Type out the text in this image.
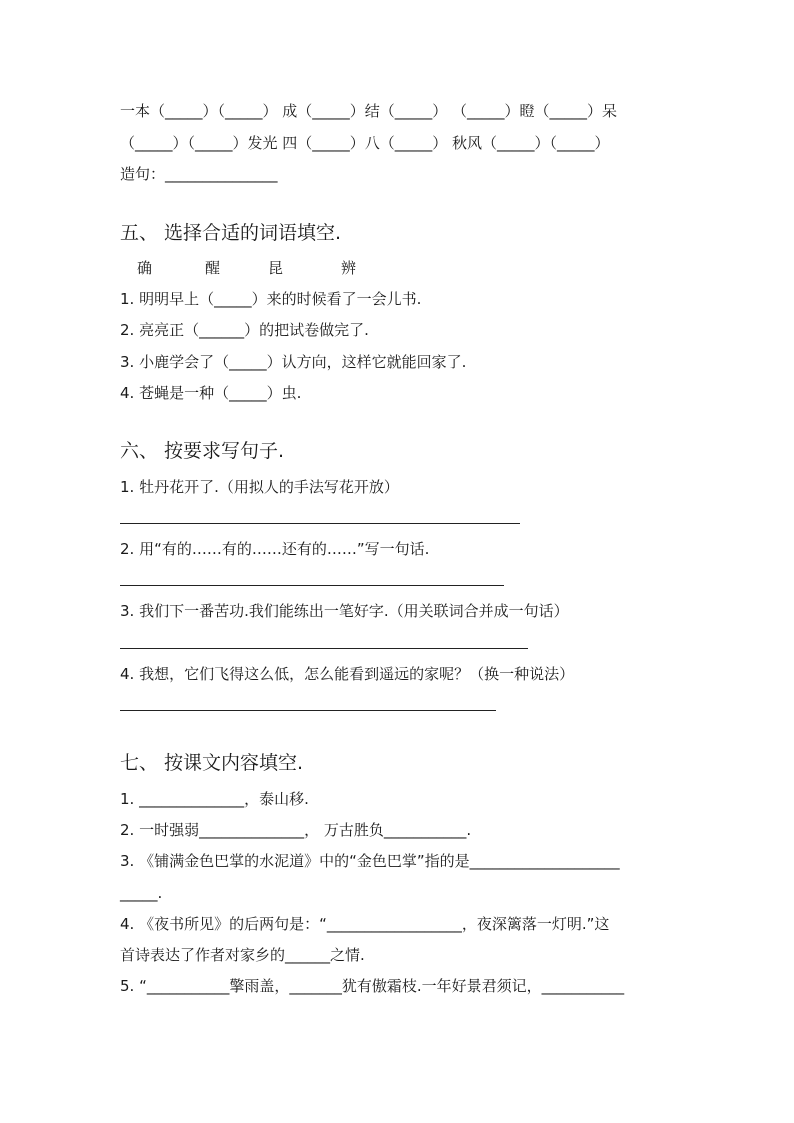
一本（_____）（_____） 成（_____）结（_____） （_____）瞪（_____）呆
（_____）（_____）发光 四（_____）八（_____） 秋风（_____）（_____）
造句：_______________
五、 选择合适的词语填空.
确	醒	昆	辨
1. 明明早上（_____）来的时候看了一会儿书.
2. 亮亮正（______）的把试卷做完了.
3. 小鹿学会了（_____）认方向，这样它就能回家了.
4. 苍蝇是一种（_____）虫.
六、 按要求写句子.
1. 牡丹花开了.（用拟人的手法写花开放）
2. 用“有的……有的……还有的……”写一句话.
3. 我们下一番苦功.我们能练出一笔好字.（用关联词合并成一句话）
4. 我想，它们飞得这么低，怎么能看到遥远的家呢？（换一种说法）
七、 按课文内容填空.
1. ______________，泰山移.
2. 一时强弱______________， 万古胜负___________.
3. 《铺满金色巴掌的水泥道》中的“金色巴掌”指的是____________________
_____.
4. 《夜书所见》的后两句是：“__________________，夜深篱落一灯明.”这
首诗表达了作者对家乡的______之情.
5. “___________擎雨盖，_______犹有傲霜枝.一年好景君须记，___________
